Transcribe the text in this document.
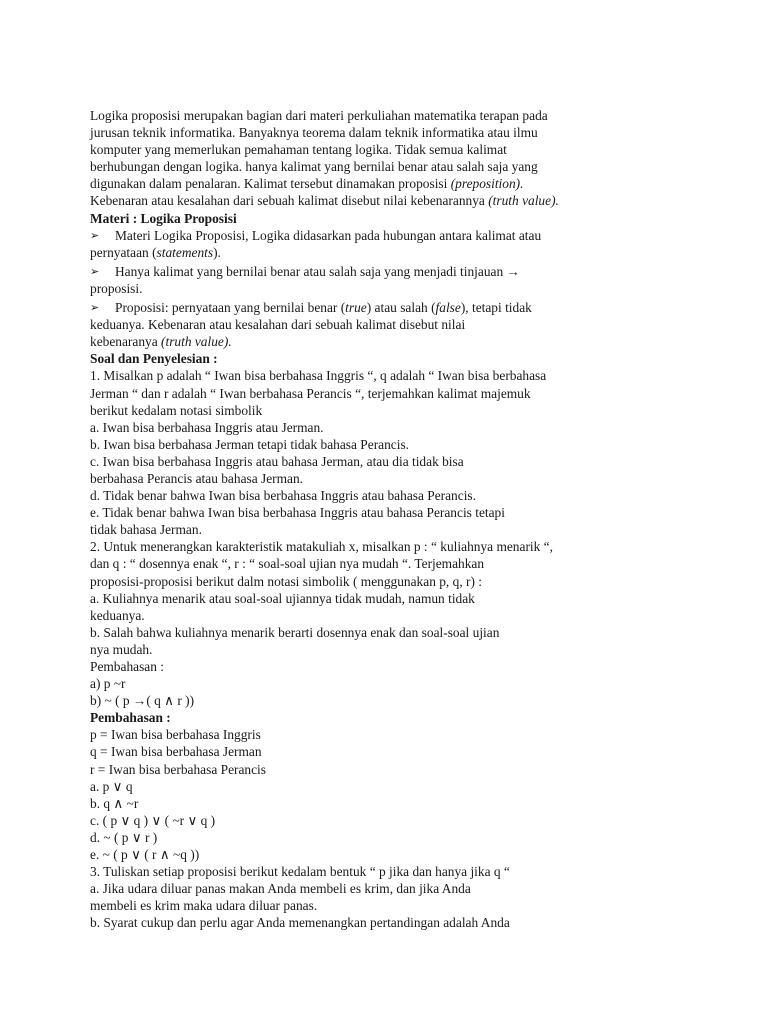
Logika proposisi merupakan bagian dari materi perkuliahan matematika terapan pada
jurusan teknik informatika. Banyaknya teorema dalam teknik informatika atau ilmu
komputer yang memerlukan pemahaman tentang logika. Tidak semua kalimat
berhubungan dengan logika. hanya kalimat yang bernilai benar atau salah saja yang
digunakan dalam penalaran. Kalimat tersebut dinamakan proposisi (preposition).
Kebenaran atau kesalahan dari sebuah kalimat disebut nilai kebenarannya (truth value).
Materi : Logika Proposisi
➢ Materi Logika Proposisi, Logika didasarkan pada hubungan antara kalimat atau
pernyataan (statements).
➢ Hanya kalimat yang bernilai benar atau salah saja yang menjadi tinjauan →
proposisi.
➢ Proposisi: pernyataan yang bernilai benar (true) atau salah (false), tetapi tidak
keduanya. Kebenaran atau kesalahan dari sebuah kalimat disebut nilai
kebenaranya (truth value).
Soal dan Penyelesian :
1. Misalkan p adalah “ Iwan bisa berbahasa Inggris “, q adalah “ Iwan bisa berbahasa
Jerman “ dan r adalah “ Iwan berbahasa Perancis “, terjemahkan kalimat majemuk
berikut kedalam notasi simbolik
a. Iwan bisa berbahasa Inggris atau Jerman.
b. Iwan bisa berbahasa Jerman tetapi tidak bahasa Perancis.
c. Iwan bisa berbahasa Inggris atau bahasa Jerman, atau dia tidak bisa
berbahasa Perancis atau bahasa Jerman.
d. Tidak benar bahwa Iwan bisa berbahasa Inggris atau bahasa Perancis.
e. Tidak benar bahwa Iwan bisa berbahasa Inggris atau bahasa Perancis tetapi
tidak bahasa Jerman.
2. Untuk menerangkan karakteristik matakuliah x, misalkan p : “ kuliahnya menarik “,
dan q : “ dosennya enak “, r : “ soal-soal ujian nya mudah “. Terjemahkan
proposisi-proposisi berikut dalm notasi simbolik ( menggunakan p, q, r) :
a. Kuliahnya menarik atau soal-soal ujiannya tidak mudah, namun tidak
keduanya.
b. Salah bahwa kuliahnya menarik berarti dosennya enak dan soal-soal ujian
nya mudah.
Pembahasan :
a) p ~r
b) ~ ( p →( q ∧ r ))
Pembahasan :
p = Iwan bisa berbahasa Inggris
q = Iwan bisa berbahasa Jerman
r = Iwan bisa berbahasa Perancis
a. p ∨ q
b. q ∧ ~r
c. ( p ∨ q ) ∨ ( ~r ∨ q )
d. ~ ( p ∨ r )
e. ~ ( p ∨ ( r ∧ ~q ))
3. Tuliskan setiap proposisi berikut kedalam bentuk “ p jika dan hanya jika q “
a. Jika udara diluar panas makan Anda membeli es krim, dan jika Anda
membeli es krim maka udara diluar panas.
b. Syarat cukup dan perlu agar Anda memenangkan pertandingan adalah Anda
